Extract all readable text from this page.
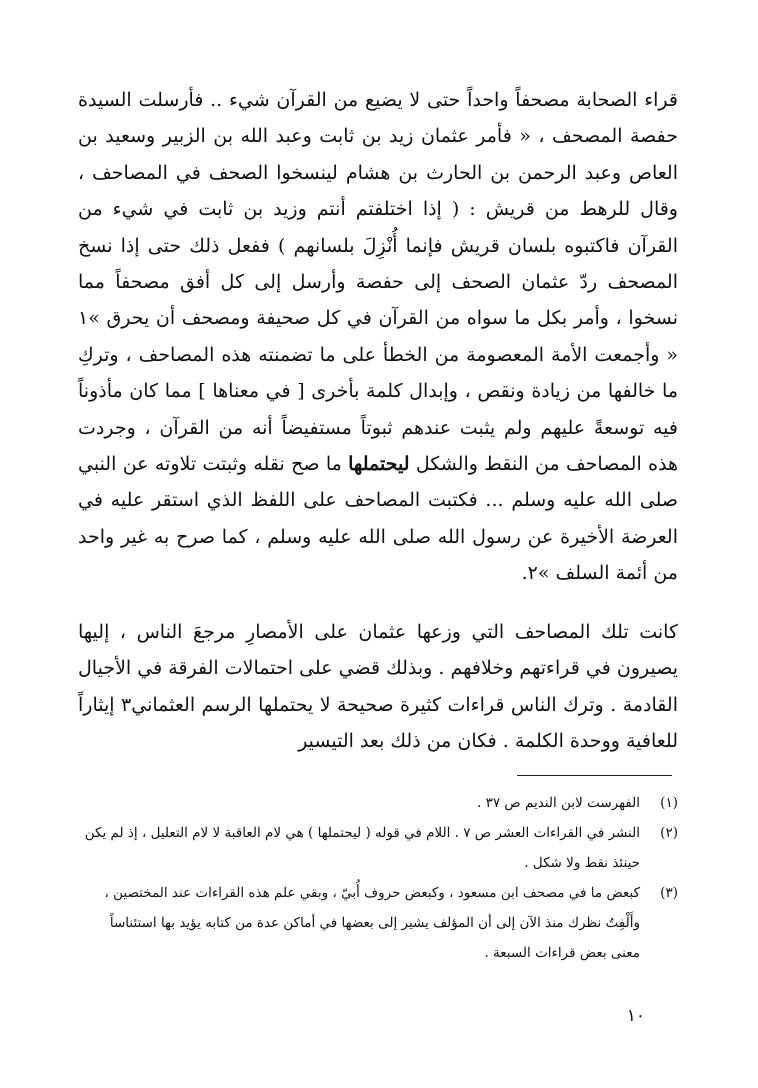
قراء الصحابة مصحفاً واحداً حتى لا يضيع من القرآن شيء .. فأرسلت السيدة حفصة المصحف ، « فأمر عثمان زيد بن ثابت وعبد الله بن الزبير وسعيد بن العاص وعبد الرحمن بن الحارث بن هشام لينسخوا الصحف في المصاحف ، وقال للرهط من قريش : ( إذا اختلفتم أنتم وزيد بن ثابت في شيء من القرآن فاكتبوه بلسان قريش فإنما أُنْزِلَ بلسانهم ) ففعل ذلك حتى إذا نسخ المصحف ردّ عثمان الصحف إلى حفصة وأرسل إلى كل أفق مصحفاً مما نسخوا ، وأمر بكل ما سواه من القرآن في كل صحيفة ومصحف أن يحرق »١ « وأجمعت الأمة المعصومة من الخطأ على ما تضمنته هذه المصاحف ، وتركِ ما خالفها من زيادة ونقص ، وإبدال كلمة بأخرى [ في معناها ] مما كان مأذوناً فيه توسعةً عليهم ولم يثبت عندهم ثبوتاً مستفيضاً أنه من القرآن ، وجردت هذه المصاحف من النقط والشكل ليحتملها ما صح نقله وثبتت تلاوته عن النبي صلى الله عليه وسلم ... فكتبت المصاحف على اللفظ الذي استقر عليه في العرضة الأخيرة عن رسول الله صلى الله عليه وسلم ، كما صرح به غير واحد من أئمة السلف »٢.

كانت تلك المصاحف التي وزعها عثمان على الأمصارِ مرجعَ الناس ، إليها يصيرون في قراءتهم وخلافهم . وبذلك قضي على احتمالات الفرقة في الأجيال القادمة . وترك الناس قراءات كثيرة صحيحة لا يحتملها الرسم العثماني٣ إيثاراً للعافية ووحدة الكلمة . فكان من ذلك بعد التيسير

(١)
الفهرست لابن النديم ص ٣٧ .
(٢)
النشر في القراءات العشر ص ٧ . اللام في قوله ( ليحتملها ) هي لام العاقبة لا لام التعليل ، إذ لم يكن حينئذ نقط ولا شكل .
(٣)
كبعض ما في مصحف ابن مسعود ، وكبعض حروف أُبيّ ، وبقي علم هذه القراءات عند المختصين ، وأَلْفِتُ نظرك منذ الآن إلى أن المؤلف يشير إلى بعضها في أماكن عدة من كتابه يؤيد بها استئناساً معنى بعض قراءات السبعة .
١٠
